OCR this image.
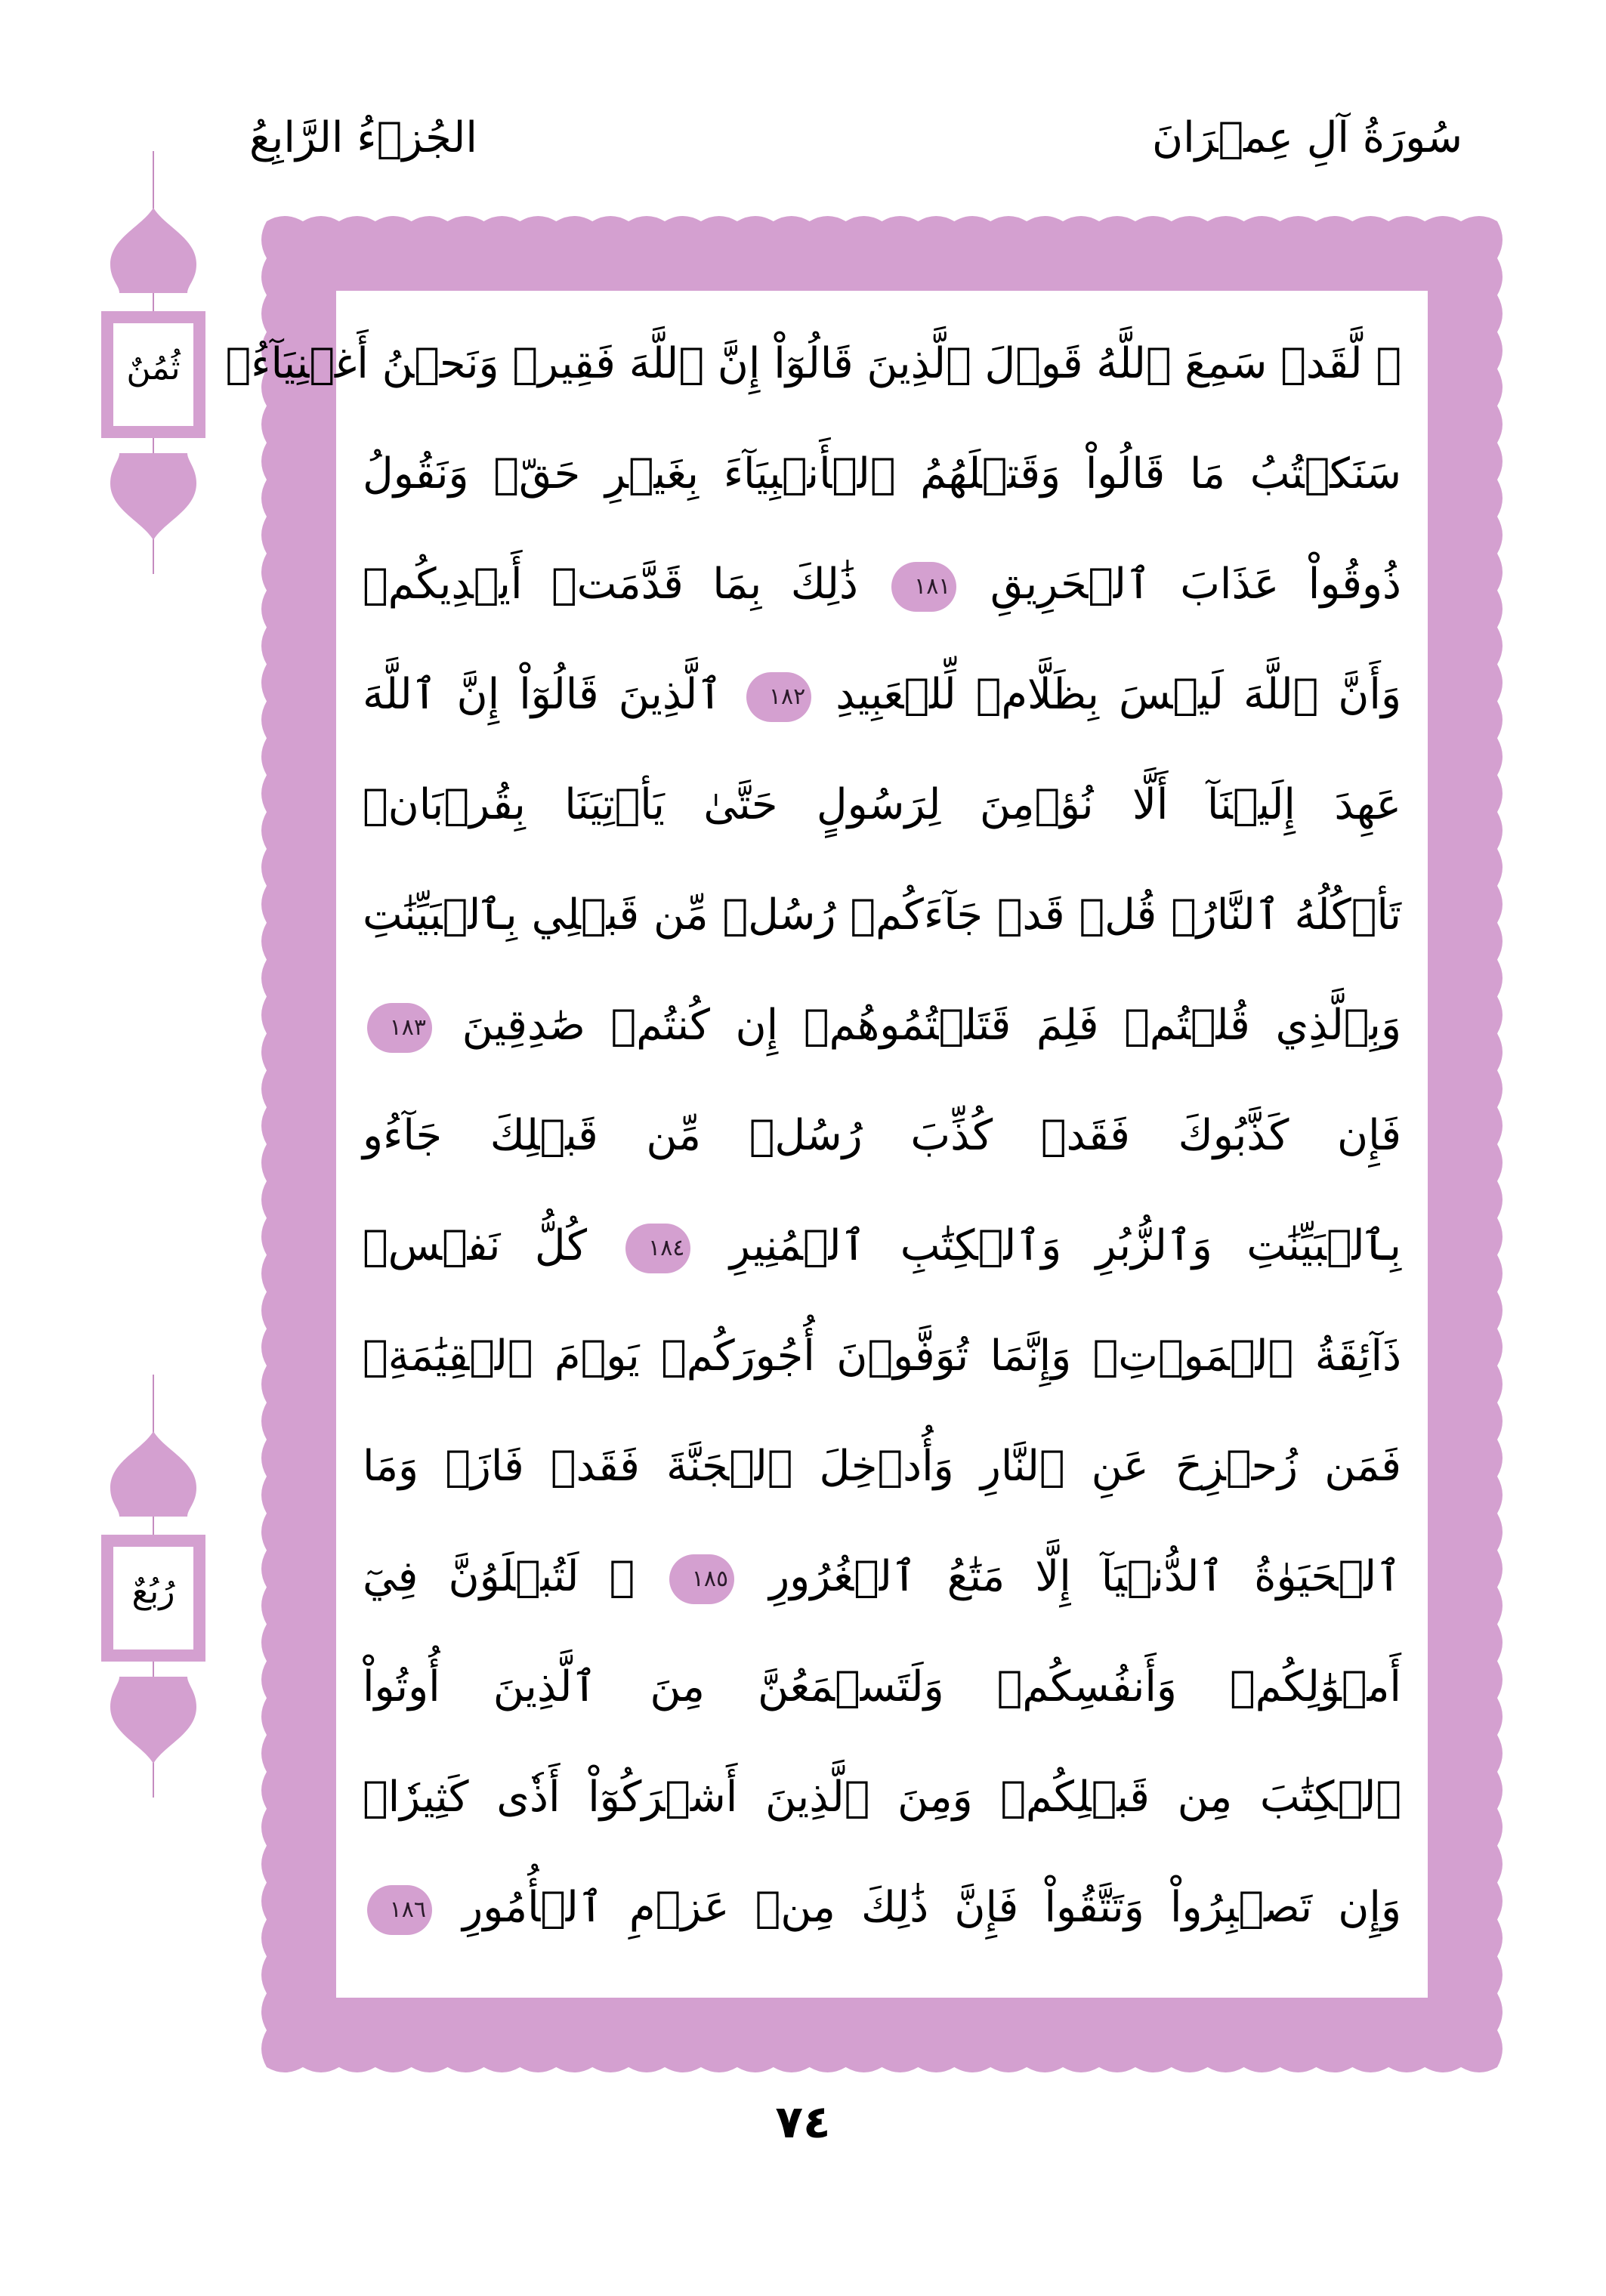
سُورَةُ آلِ عِمۡرَانَ
الجُزۡءُ الرَّابِعُ
ثُمُنٌ
رُبُعٌ
۞ لَّقَدۡ سَمِعَ ٱللَّهُ قَوۡلَ ٱلَّذِينَ قَالُوٓاْ إِنَّ ٱللَّهَ فَقِيرٞ وَنَحۡنُ أَغۡنِيَآءُۘ
سَنَكۡتُبُ مَا قَالُواْ وَقَتۡلَهُمُ ٱلۡأَنۢبِيَآءَ بِغَيۡرِ حَقّٖ وَنَقُولُ
ذُوقُواْ عَذَابَ ٱلۡحَرِيقِ ١٨١ ذَٰلِكَ بِمَا قَدَّمَتۡ أَيۡدِيكُمۡ
وَأَنَّ ٱللَّهَ لَيۡسَ بِظَلَّامٖ لِّلۡعَبِيدِ ١٨٢ ٱلَّذِينَ قَالُوٓاْ إِنَّ ٱللَّهَ
عَهِدَ إِلَيۡنَآ أَلَّا نُؤۡمِنَ لِرَسُولٍ حَتَّىٰ يَأۡتِيَنَا بِقُرۡبَانٖ
تَأۡكُلُهُ ٱلنَّارُۗ قُلۡ قَدۡ جَآءَكُمۡ رُسُلٞ مِّن قَبۡلِي بِٱلۡبَيِّنَٰتِ
وَبِٱلَّذِي قُلۡتُمۡ فَلِمَ قَتَلۡتُمُوهُمۡ إِن كُنتُمۡ صَٰدِقِينَ ١٨٣
فَإِن كَذَّبُوكَ فَقَدۡ كُذِّبَ رُسُلٞ مِّن قَبۡلِكَ جَآءُو
بِٱلۡبَيِّنَٰتِ وَٱلزُّبُرِ وَٱلۡكِتَٰبِ ٱلۡمُنِيرِ ١٨٤ كُلُّ نَفۡسٖ
ذَآئِقَةُ ٱلۡمَوۡتِۗ وَإِنَّمَا تُوَفَّوۡنَ أُجُورَكُمۡ يَوۡمَ ٱلۡقِيَٰمَةِۖ
فَمَن زُحۡزِحَ عَنِ ٱلنَّارِ وَأُدۡخِلَ ٱلۡجَنَّةَ فَقَدۡ فَازَۗ وَمَا
ٱلۡحَيَوٰةُ ٱلدُّنۡيَآ إِلَّا مَتَٰعُ ٱلۡغُرُورِ ١٨٥ ۞ لَتُبۡلَوُنَّ فِيٓ
أَمۡوَٰلِكُمۡ وَأَنفُسِكُمۡ وَلَتَسۡمَعُنَّ مِنَ ٱلَّذِينَ أُوتُواْ
ٱلۡكِتَٰبَ مِن قَبۡلِكُمۡ وَمِنَ ٱلَّذِينَ أَشۡرَكُوٓاْ أَذٗى كَثِيرٗاۚ
وَإِن تَصۡبِرُواْ وَتَتَّقُواْ فَإِنَّ ذَٰلِكَ مِنۡ عَزۡمِ ٱلۡأُمُورِ ١٨٦
٧٤
